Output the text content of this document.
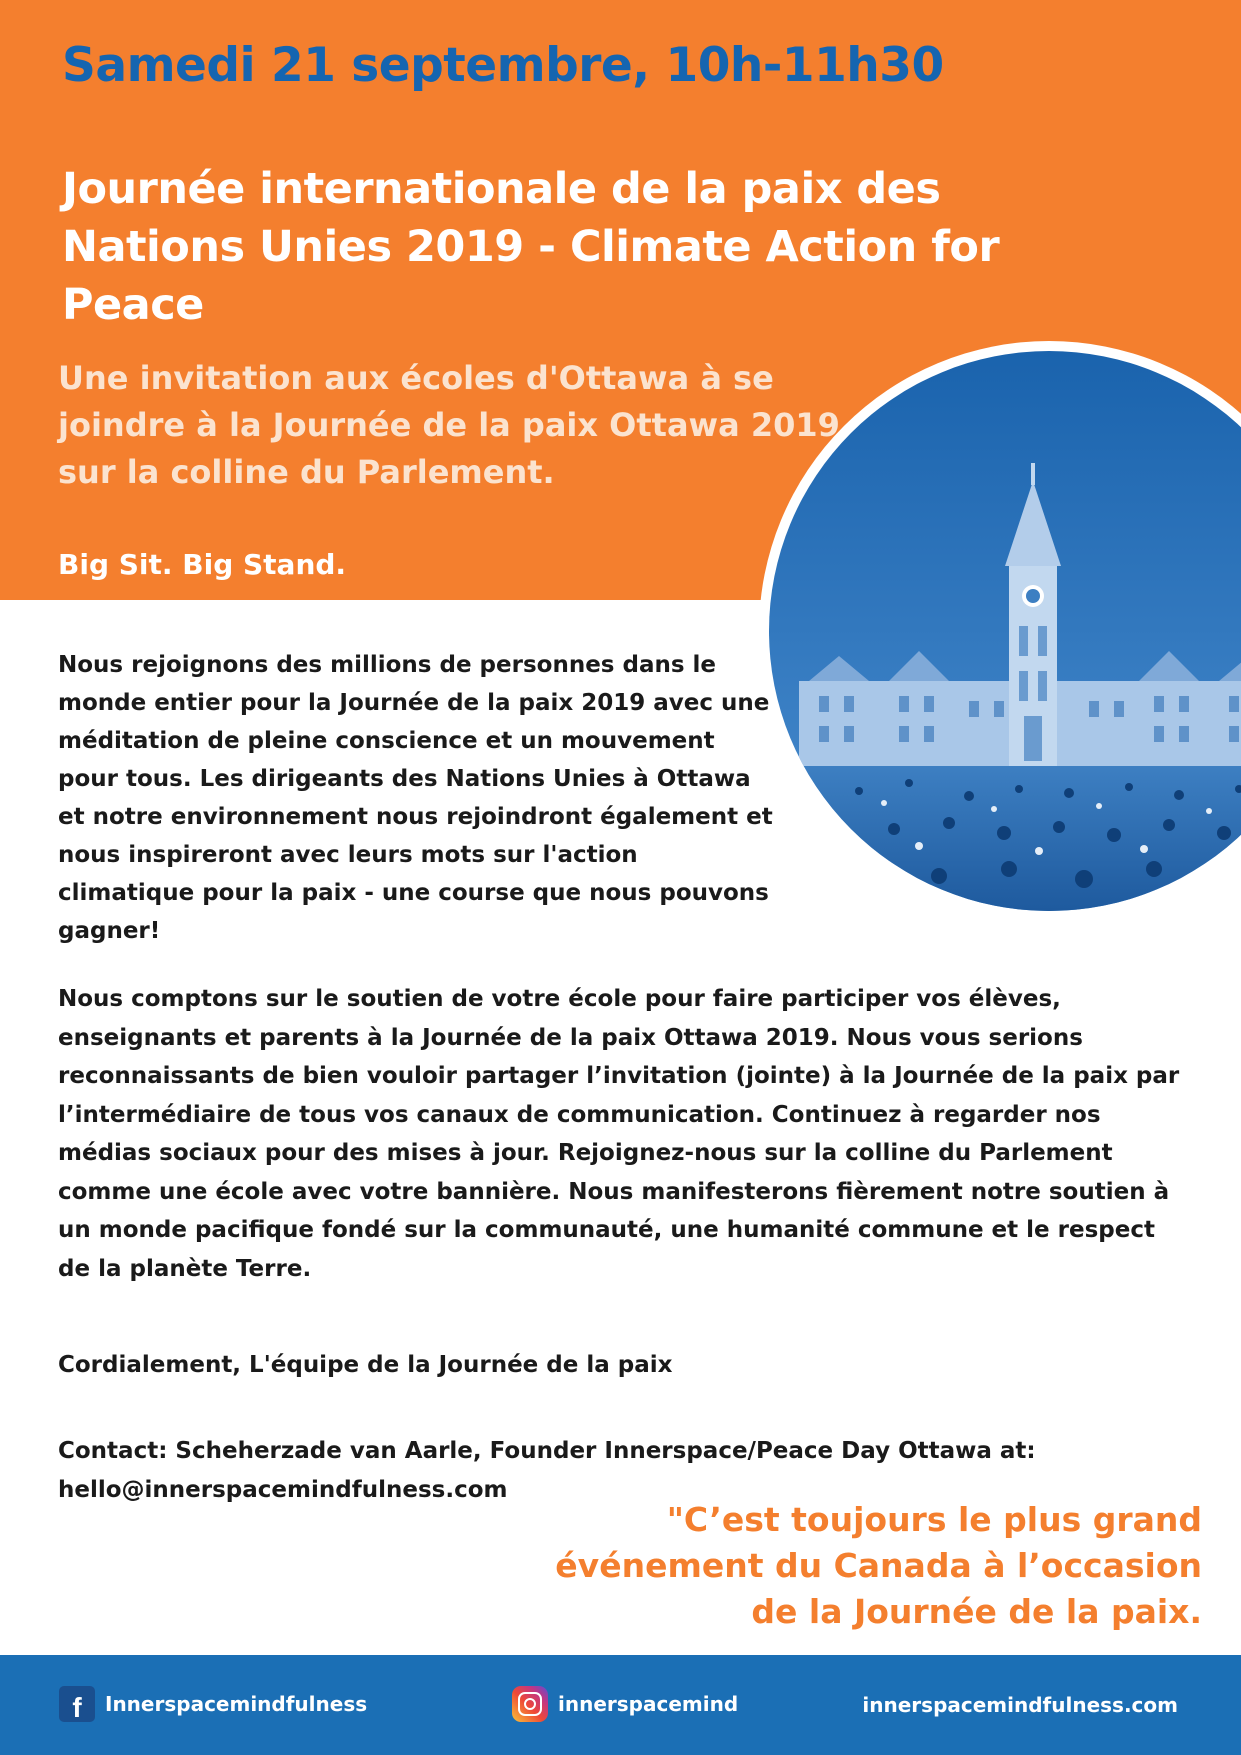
Samedi 21 septembre, 10h-11h30
Journée internationale de la paix des Nations Unies 2019 - Climate Action for Peace
Une invitation aux écoles d'Ottawa à se joindre à la Journée de la paix Ottawa 2019 sur la colline du Parlement.
Big Sit. Big Stand.
Nous rejoignons des millions de personnes dans le monde entier pour la Journée de la paix 2019 avec une méditation de pleine conscience et un mouvement pour tous. Les dirigeants des Nations Unies à Ottawa et notre environnement nous rejoindront également et nous inspireront avec leurs mots sur l'action climatique pour la paix - une course que nous pouvons gagner!
Nous comptons sur le soutien de votre école pour faire participer vos élèves, enseignants et parents à la Journée de la paix Ottawa 2019. Nous vous serions reconnaissants de bien vouloir partager l’invitation (jointe) à la Journée de la paix par l’intermédiaire de tous vos canaux de communication. Continuez à regarder nos médias sociaux pour des mises à jour. Rejoignez-nous sur la colline du Parlement comme une école avec votre bannière. Nous manifesterons fièrement notre soutien à un monde pacifique fondé sur la communauté, une humanité commune et le respect de la planète Terre.
Cordialement, L'équipe de la Journée de la paix
Contact: Scheherzade van Aarle, Founder Innerspace/Peace Day Ottawa at:
hello@innerspacemindfulness.com
"C’est toujours le plus grand
événement du Canada à l’occasion
de la Journée de la paix.
f	Innerspacemindfulness	innerspacemind	innerspacemindfulness.com
